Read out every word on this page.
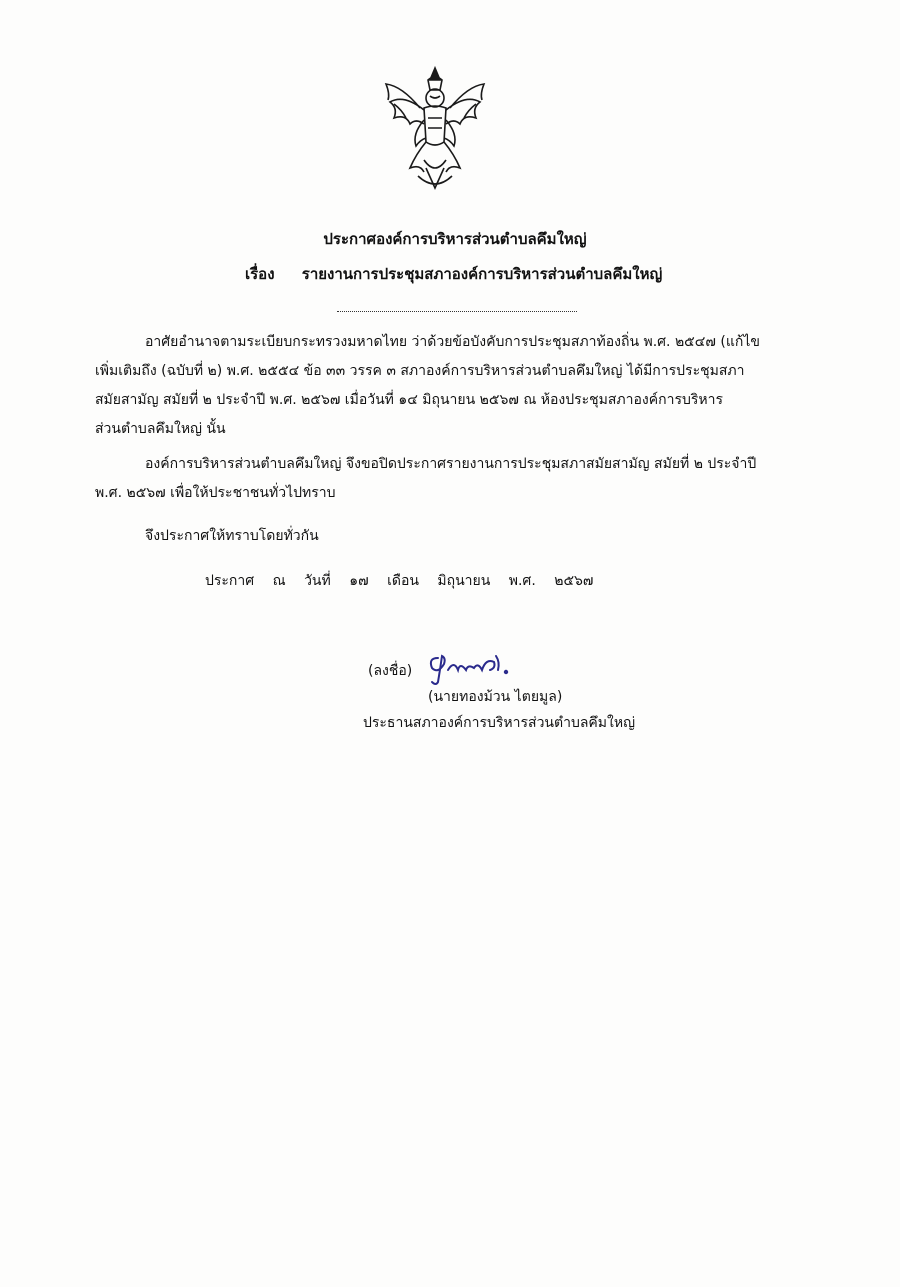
ประกาศองค์การบริหารส่วนตำบลคึมใหญ่
เรื่อง รายงานการประชุมสภาองค์การบริหารส่วนตำบลคึมใหญ่
อาศัยอำนาจตามระเบียบกระทรวงมหาดไทย ว่าด้วยข้อบังคับการประชุมสภาท้องถิ่น พ.ศ. ๒๕๔๗ (แก้ไข
เพิ่มเติมถึง (ฉบับที่ ๒) พ.ศ. ๒๕๕๔ ข้อ ๓๓ วรรค ๓ สภาองค์การบริหารส่วนตำบลคึมใหญ่ ได้มีการประชุมสภา
สมัยสามัญ สมัยที่ ๒ ประจำปี พ.ศ. ๒๕๖๗ เมื่อวันที่ ๑๔ มิถุนายน ๒๕๖๗ ณ ห้องประชุมสภาองค์การบริหาร
ส่วนตำบลคึมใหญ่ นั้น
องค์การบริหารส่วนตำบลคึมใหญ่ จึงขอปิดประกาศรายงานการประชุมสภาสมัยสามัญ สมัยที่ ๒ ประจำปี
พ.ศ. ๒๕๖๗ เพื่อให้ประชาชนทั่วไปทราบ
จึงประกาศให้ทราบโดยทั่วกัน
ประกาศ ณ วันที่ ๑๗ เดือน มิถุนายน พ.ศ. ๒๕๖๗
(ลงชื่อ)
(นายทองม้วน ไตยมูล)
ประธานสภาองค์การบริหารส่วนตำบลคึมใหญ่
